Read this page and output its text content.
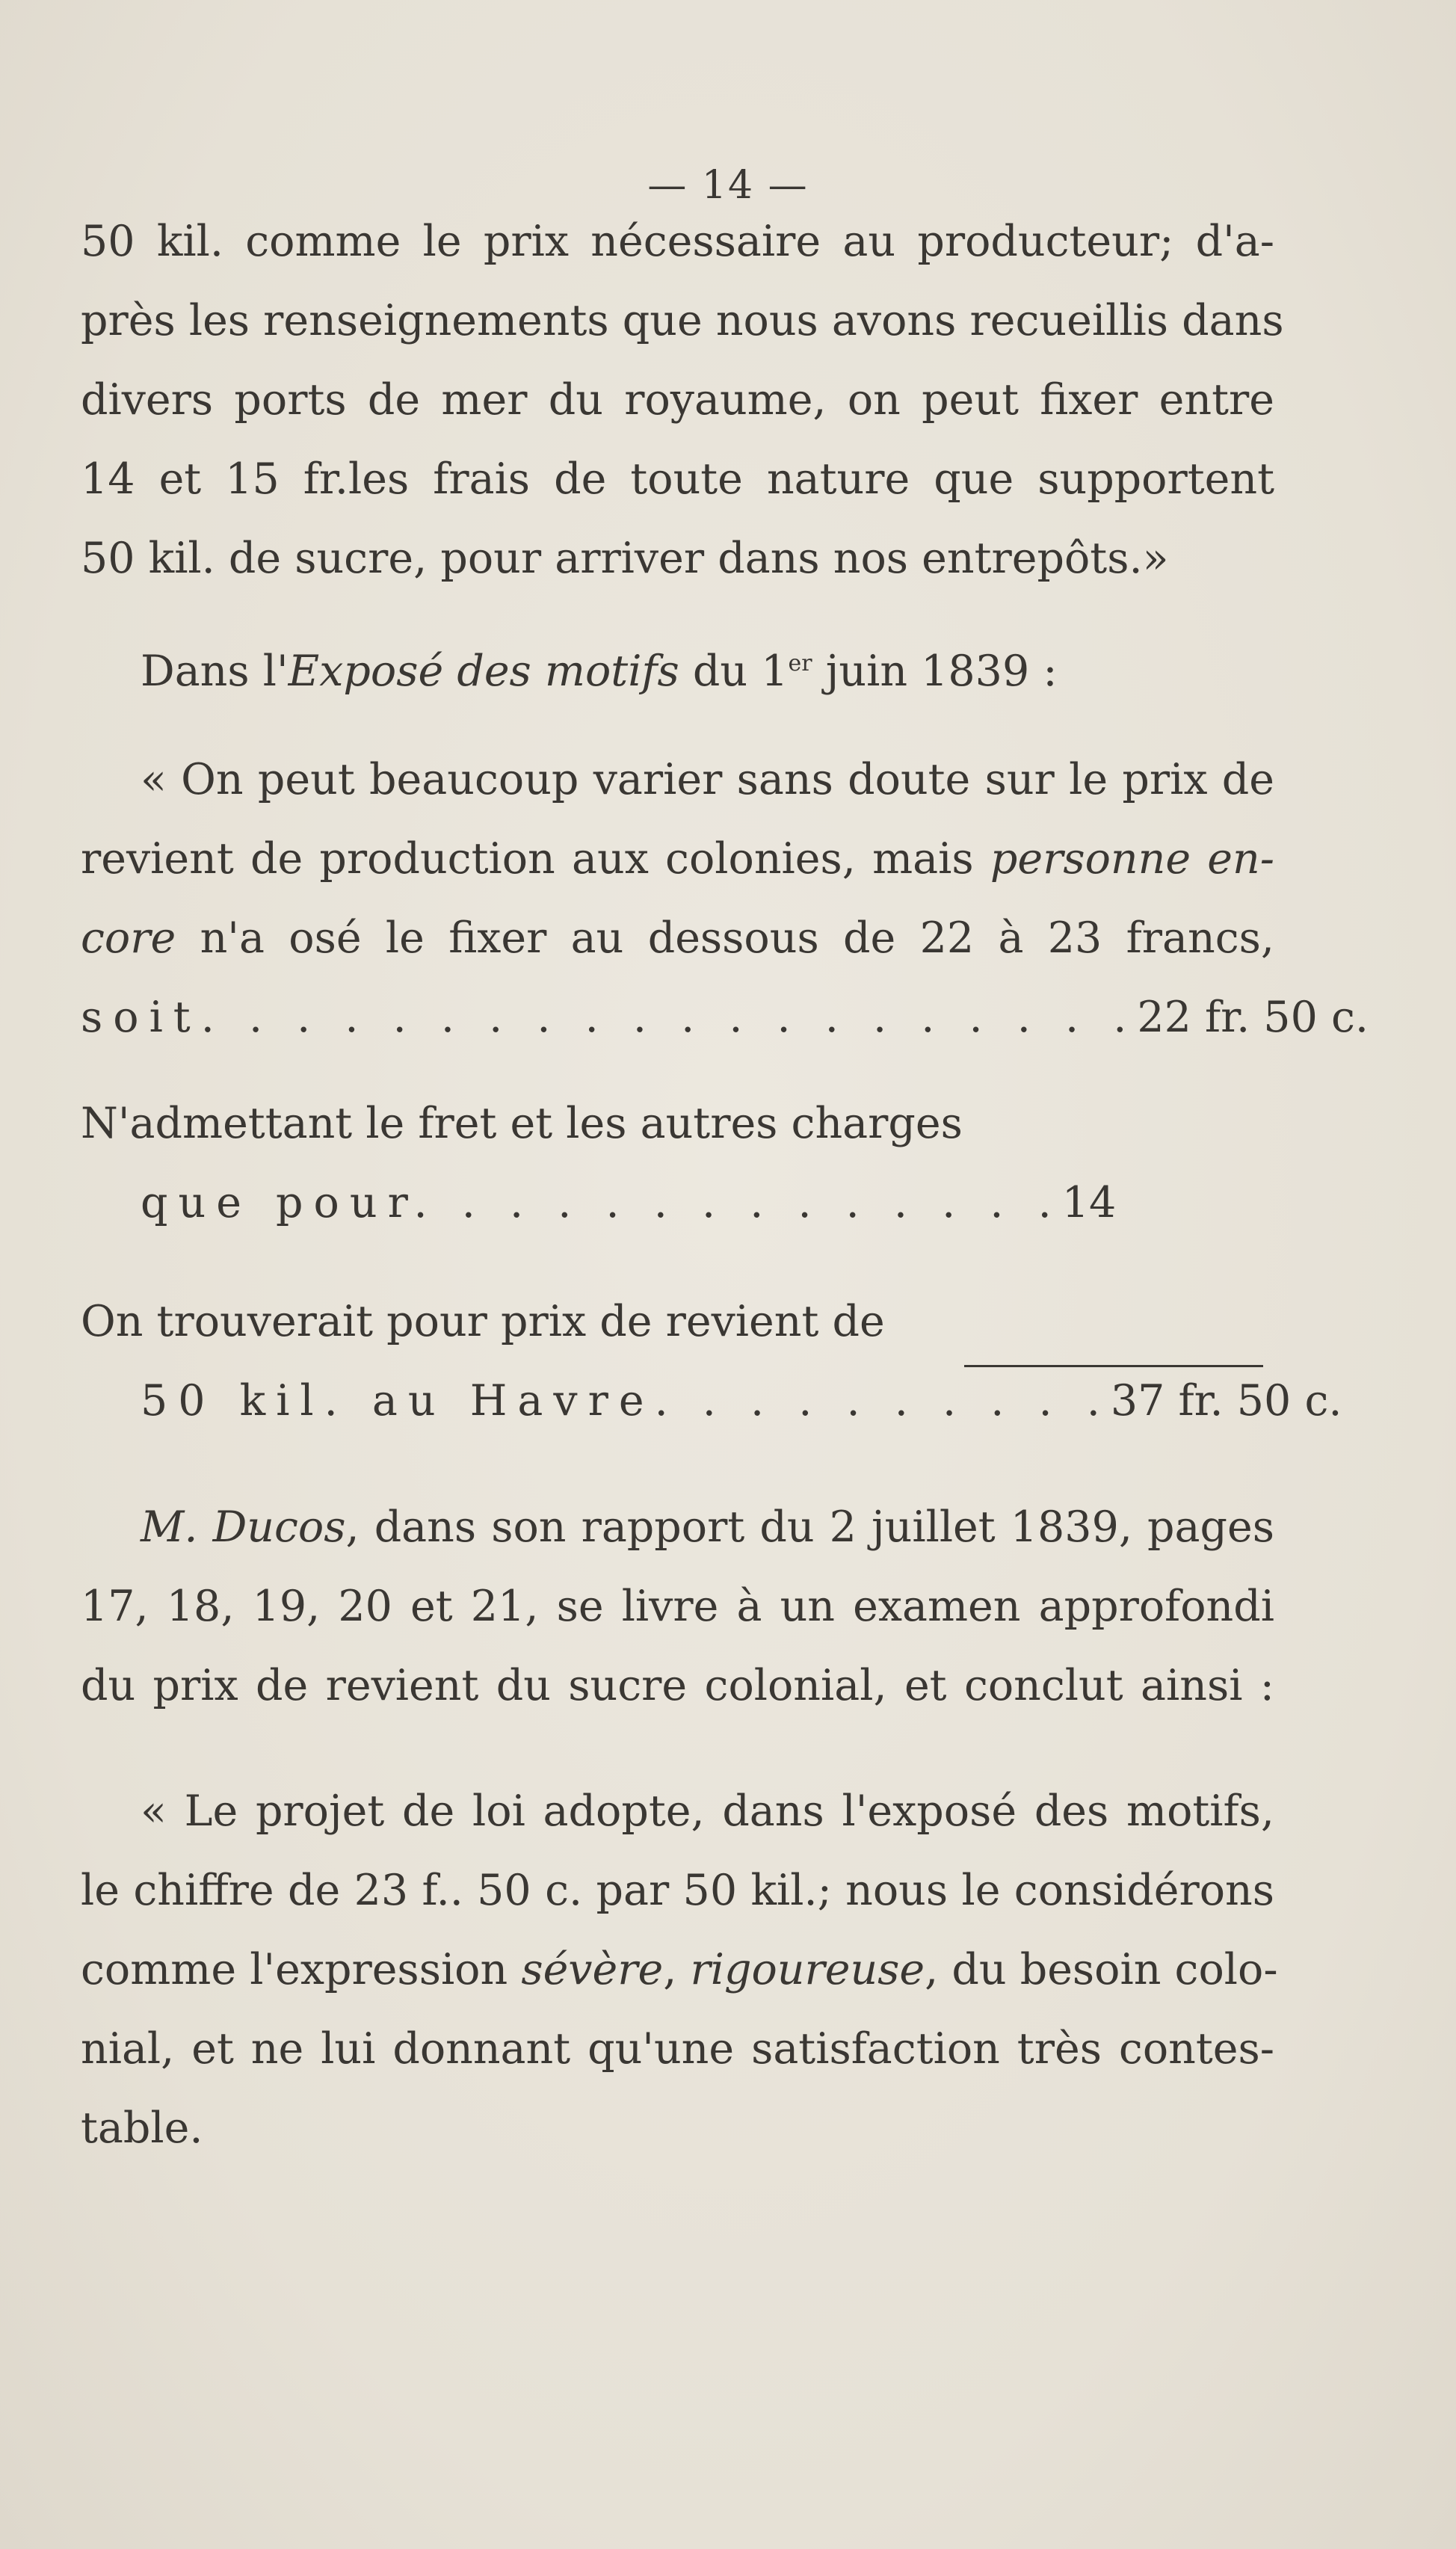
— 14 —
50 kil. comme le prix nécessaire au producteur; d'a-
près les renseignements que nous avons recueillis dans
divers ports de mer du royaume, on peut fixer entre
14 et 15 fr.les frais de toute nature que supportent
50 kil. de sucre, pour arriver dans nos entrepôts.»
Dans l'Exposé des motifs du 1er juin 1839 :
« On peut beaucoup varier sans doute sur le prix de
revient de production aux colonies, mais personne en-
core n'a osé le fixer au dessous de 22 à 23 francs,
soit. . . . . . . . . . . . . . . . . . . . 22 fr. 50 c.
N'admettant le fret et les autres charges
que pour. . . . . . . . . . . . . . 14
On trouverait pour prix de revient de
50 kil. au Havre. . . . . . . . . . 37 fr. 50 c.
M. Ducos, dans son rapport du 2 juillet 1839, pages
17, 18, 19, 20 et 21, se livre à un examen approfondi
du prix de revient du sucre colonial, et conclut ainsi :
« Le projet de loi adopte, dans l'exposé des motifs,
le chiffre de 23 f.. 50 c. par 50 kil.; nous le considérons
comme l'expression sévère, rigoureuse, du besoin colo-
nial, et ne lui donnant qu'une satisfaction très contes-
table.
